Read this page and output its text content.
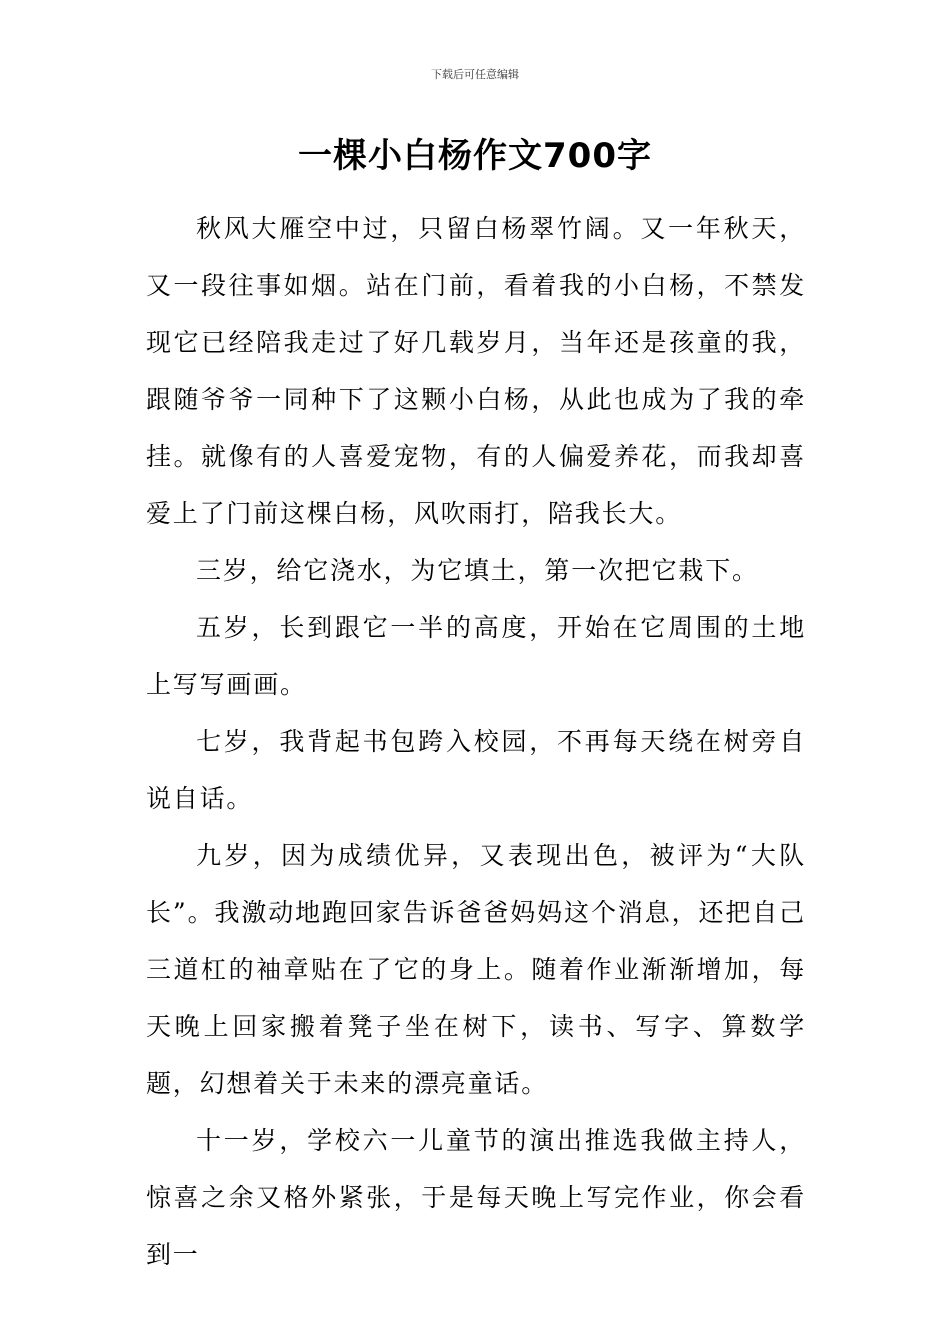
下载后可任意编辑
一棵小白杨作文700字

秋风大雁空中过，只留白杨翠竹阔。又一年秋天，又一段往事如烟。站在门前，看着我的小白杨，不禁发现它已经陪我走过了好几载岁月，当年还是孩童的我，跟随爷爷一同种下了这颗小白杨，从此也成为了我的牵挂。就像有的人喜爱宠物，有的人偏爱养花，而我却喜爱上了门前这棵白杨，风吹雨打，陪我长大。

三岁，给它浇水，为它填土，第一次把它栽下。

五岁，长到跟它一半的高度，开始在它周围的土地上写写画画。

七岁，我背起书包跨入校园，不再每天绕在树旁自说自话。

九岁，因为成绩优异，又表现出色，被评为“大队长”。我激动地跑回家告诉爸爸妈妈这个消息，还把自己三道杠的袖章贴在了它的身上。随着作业渐渐增加，每天晚上回家搬着凳子坐在树下，读书、写字、算数学题，幻想着关于未来的漂亮童话。

十一岁，学校六一儿童节的演出推选我做主持人，惊喜之余又格外紧张，于是每天晚上写完作业，你会看到一
